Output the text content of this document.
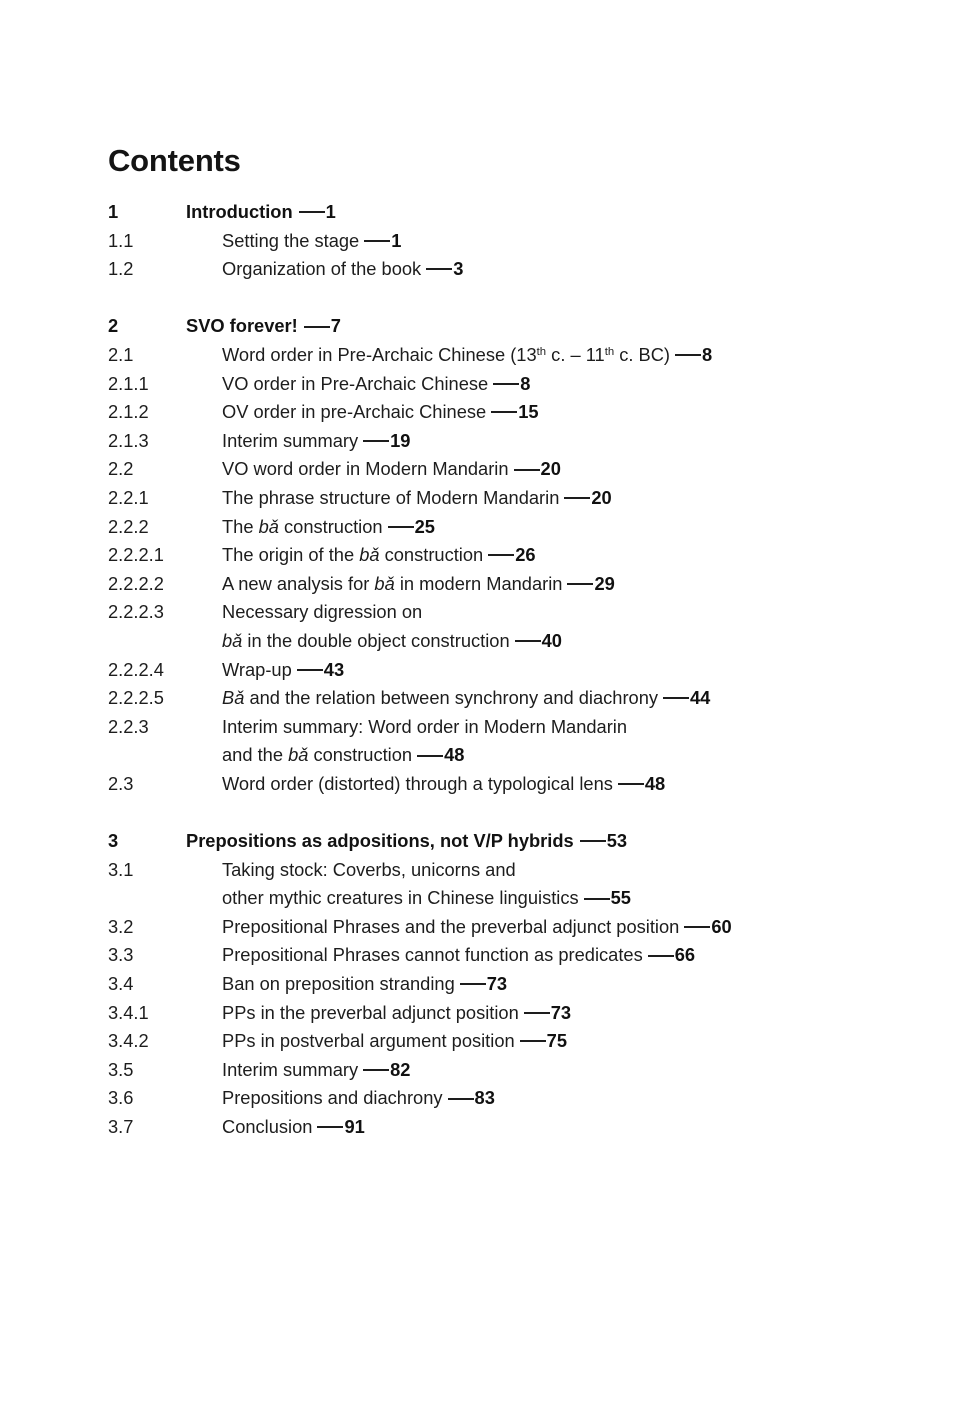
Contents
1	Introduction 1
1.1	Setting the stage 1
1.2	Organization of the book 3
2	SVO forever! 7
2.1	Word order in Pre-Archaic Chinese (13th c. – 11th c. BC) 8
2.1.1	VO order in Pre-Archaic Chinese 8
2.1.2	OV order in pre-Archaic Chinese 15
2.1.3	Interim summary 19
2.2	VO word order in Modern Mandarin 20
2.2.1	The phrase structure of Modern Mandarin 20
2.2.2	The bǎ construction 25
2.2.2.1	The origin of the bǎ construction 26
2.2.2.2	A new analysis for bǎ in modern Mandarin 29
2.2.2.3	Necessary digression on
bǎ in the double object construction 40
2.2.2.4	Wrap-up 43
2.2.2.5	Bǎ and the relation between synchrony and diachrony 44
2.2.3	Interim summary: Word order in Modern Mandarin
and the bǎ construction 48
2.3	Word order (distorted) through a typological lens 48
3	Prepositions as adpositions, not V/P hybrids 53
3.1	Taking stock: Coverbs, unicorns and
other mythic creatures in Chinese linguistics 55
3.2	Prepositional Phrases and the preverbal adjunct position 60
3.3	Prepositional Phrases cannot function as predicates 66
3.4	Ban on preposition stranding 73
3.4.1	PPs in the preverbal adjunct position 73
3.4.2	PPs in postverbal argument position 75
3.5	Interim summary 82
3.6	Prepositions and diachrony 83
3.7	Conclusion 91
